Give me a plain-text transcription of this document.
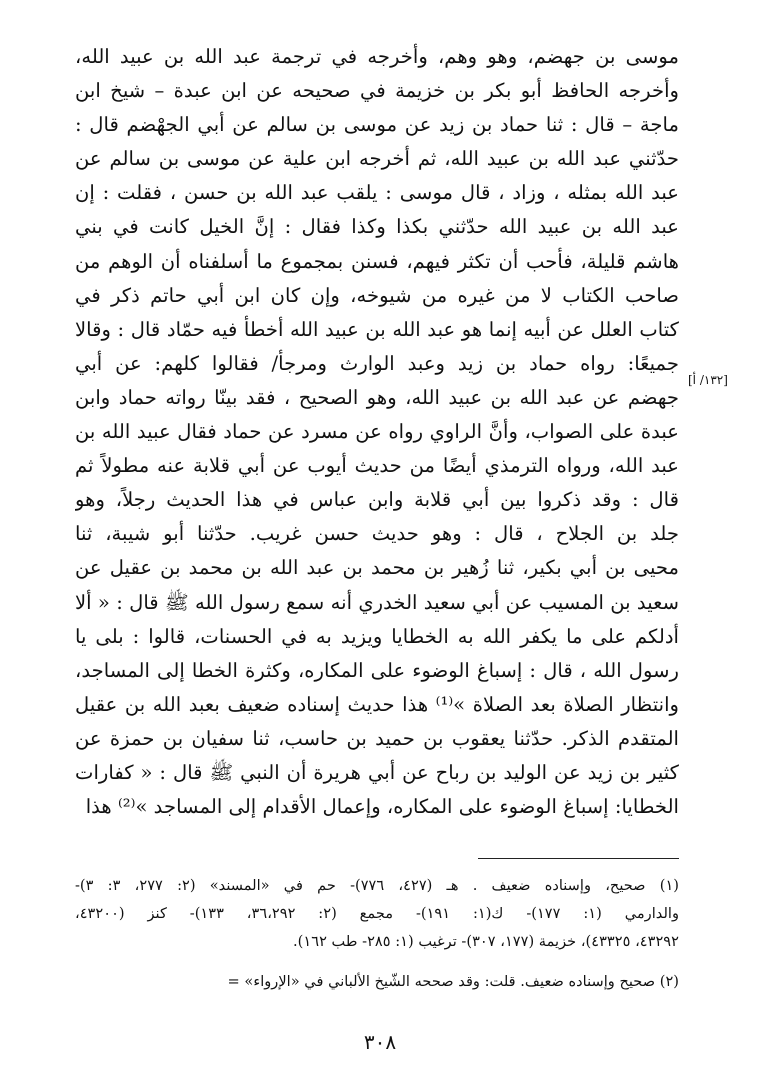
موسى بن جهضم، وهو وهم، وأخرجه في ترجمة عبد الله بن عبيد الله،
وأخرجه الحافظ أبو بكر بن خزيمة في صحيحه عن ابن عبدة – شيخ ابن
ماجة – قال : ثنا حماد بن زيد عن موسى بن سالم عن أبي الجهْضم قال :
حدّثني عبد الله بن عبيد الله، ثم أخرجه ابن علية عن موسى بن سالم عن
عبد الله بمثله ، وزاد ، قال موسى : يلقب عبد الله بن حسن ، فقلت : إن
عبد الله بن عبيد الله حدّثني بكذا وكذا فقال : إنَّ الخيل كانت في بني
هاشم قليلة، فأحب أن تكثر فيهم، فسنن بمجموع ما أسلفناه أن الوهم من
صاحب الكتاب لا من غيره من شيوخه، وإن كان ابن أبي حاتم ذكر في
كتاب العلل عن أبيه إنما هو عبد الله بن عبيد الله أخطأ فيه حمّاد قال : وقالا
جميعًا: رواه حماد بن زيد وعبد الوارث ومرجأ/ فقالوا كلهم: عن أبي
جهضم عن عبد الله بن عبيد الله، وهو الصحيح ، فقد بينّا رواته حماد وابن
عبدة على الصواب، وأنَّ الراوي رواه عن مسرد عن حماد فقال عبيد الله بن
عبد الله، ورواه الترمذي أيضًا من حديث أيوب عن أبي قلابة عنه مطولاً ثم
قال : وقد ذكروا بين أبي قلابة وابن عباس في هذا الحديث رجلاً، وهو
جلد بن الجلاح ، قال : وهو حديث حسن غريب. حدّثنا أبو شيبة، ثنا
محيى بن أبي بكير، ثنا زُهير بن محمد بن عبد الله بن محمد بن عقيل عن
سعيد بن المسيب عن أبي سعيد الخدري أنه سمع رسول الله ﷺ قال : « ألا
أدلكم على ما يكفر الله به الخطايا ويزيد به في الحسنات، قالوا : بلى يا
رسول الله ، قال : إسباغ الوضوء على المكاره، وكثرة الخطا إلى المساجد،
وانتظار الصلاة بعد الصلاة »⁽¹⁾ هذا حديث إسناده ضعيف بعبد الله بن عقيل
المتقدم الذكر. حدّثنا يعقوب بن حميد بن حاسب، ثنا سفيان بن حمزة عن
كثير بن زيد عن الوليد بن رباح عن أبي هريرة أن النبي ﷺ قال : « كفارات
الخطايا: إسباغ الوضوء على المكاره، وإعمال الأقدام إلى المساجد »⁽²⁾ هذا
[١٣٢/ أ]
(١) صحيح، وإسناده ضعيف . هـ (٤٢٧، ٧٧٦)- حم في «المسند» (٢: ٢٧٧، ٣: ٣)-
والدارمي (١: ١٧٧)- ك(١: ١٩١)- مجمع (٢: ٣٦،٢٩٢، ١٣٣)- كنز (٤٣٢٠٠،
٤٣٢٩٢، ٤٣٣٢٥)، خزيمة (١٧٧، ٣٠٧)- ترغيب (١: ٢٨٥- طب ١٦٢).
(٢) صحيح وإسناده ضعيف. قلت: وقد صححه الشّيخ الألباني في «الإرواء» =
٣٠٨
